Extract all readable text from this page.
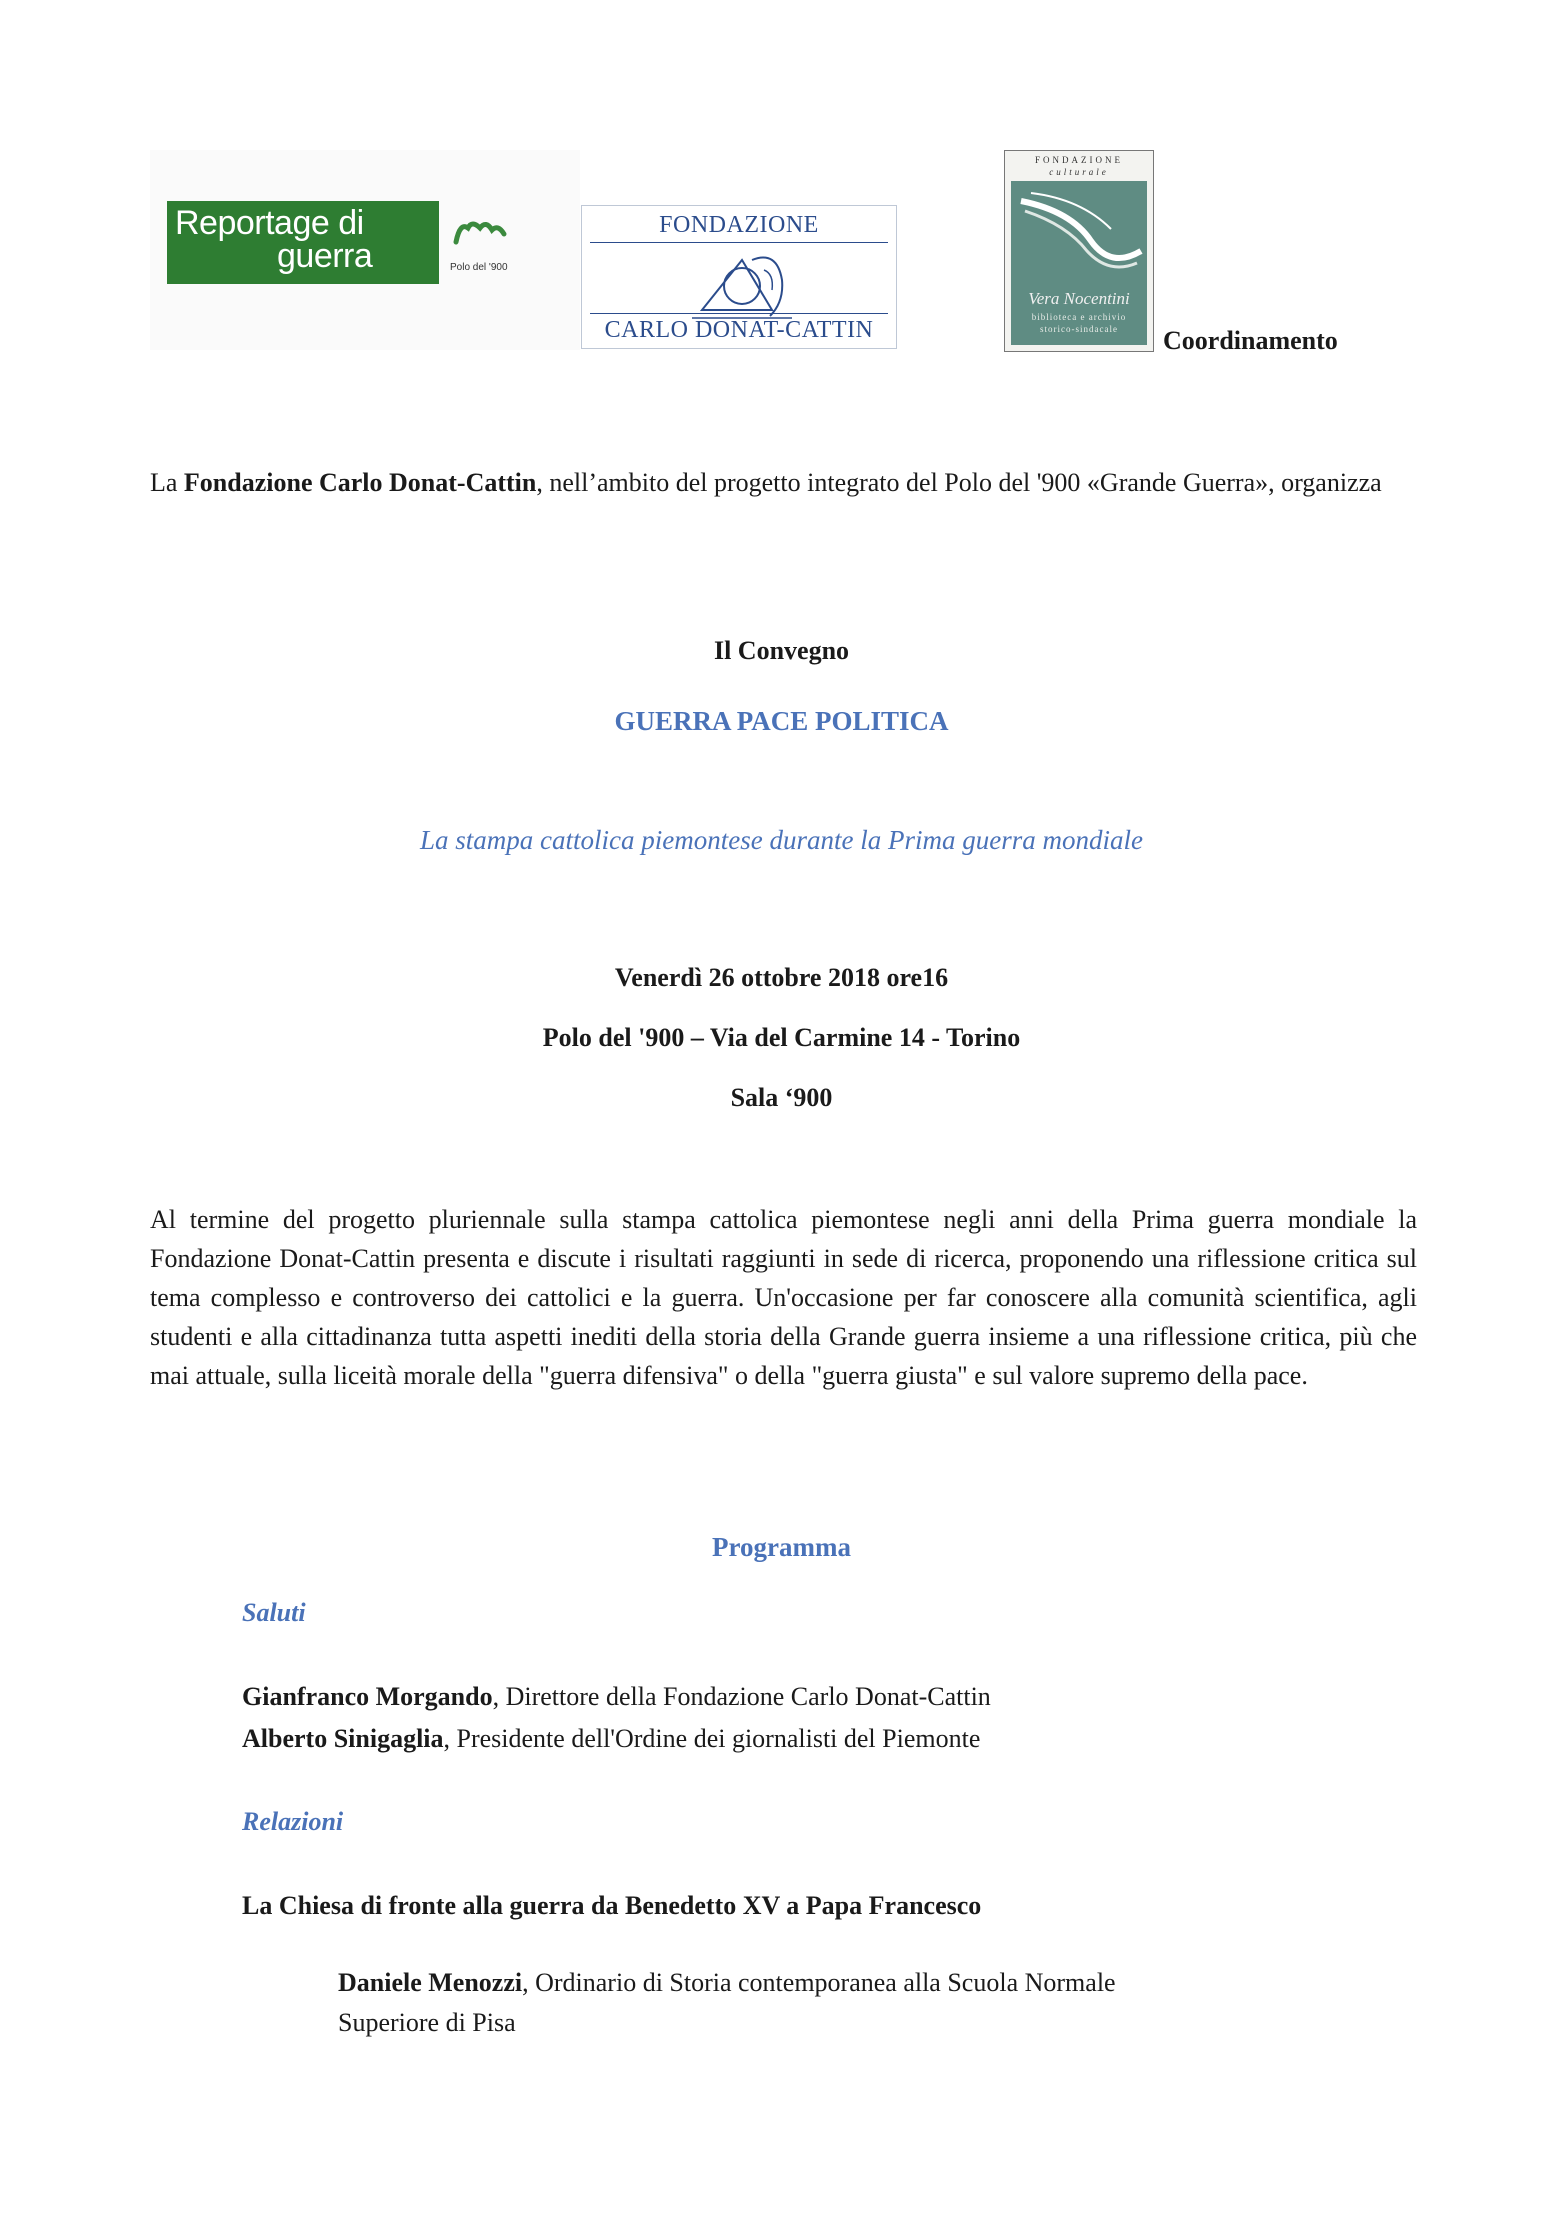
Reportage di
guerra	Polo del '900
FONDAZIONE
CARLO DONAT-CATTIN
FONDAZIONE
culturale
Vera Nocentini
biblioteca e archivio
storico-sindacale	Coordinamento
La Fondazione Carlo Donat-Cattin, nell’ambito del progetto integrato del Polo del '900 «Grande Guerra», organizza
Il Convegno
GUERRA PACE POLITICA
La stampa cattolica piemontese durante la Prima guerra mondiale
Venerdì 26 ottobre 2018 ore16
Polo del '900 – Via del Carmine 14 - Torino
Sala ‘900
Al termine del progetto pluriennale sulla stampa cattolica piemontese negli anni della Prima guerra mondiale la Fondazione Donat-Cattin presenta e discute i risultati raggiunti in sede di ricerca, proponendo una riflessione critica sul tema complesso e controverso dei cattolici e la guerra. Un'occasione per far conoscere alla comunità scientifica, agli studenti e alla cittadinanza tutta aspetti inediti della storia della Grande guerra insieme a una riflessione critica, più che mai attuale, sulla liceità morale della "guerra difensiva" o della "guerra giusta" e sul valore supremo della pace.
Programma
Saluti
Gianfranco Morgando, Direttore della Fondazione Carlo Donat-Cattin
Alberto Sinigaglia, Presidente dell'Ordine dei giornalisti del Piemonte
Relazioni
La Chiesa di fronte alla guerra da Benedetto XV a Papa Francesco
Daniele Menozzi, Ordinario di Storia contemporanea alla Scuola Normale
Superiore di Pisa
